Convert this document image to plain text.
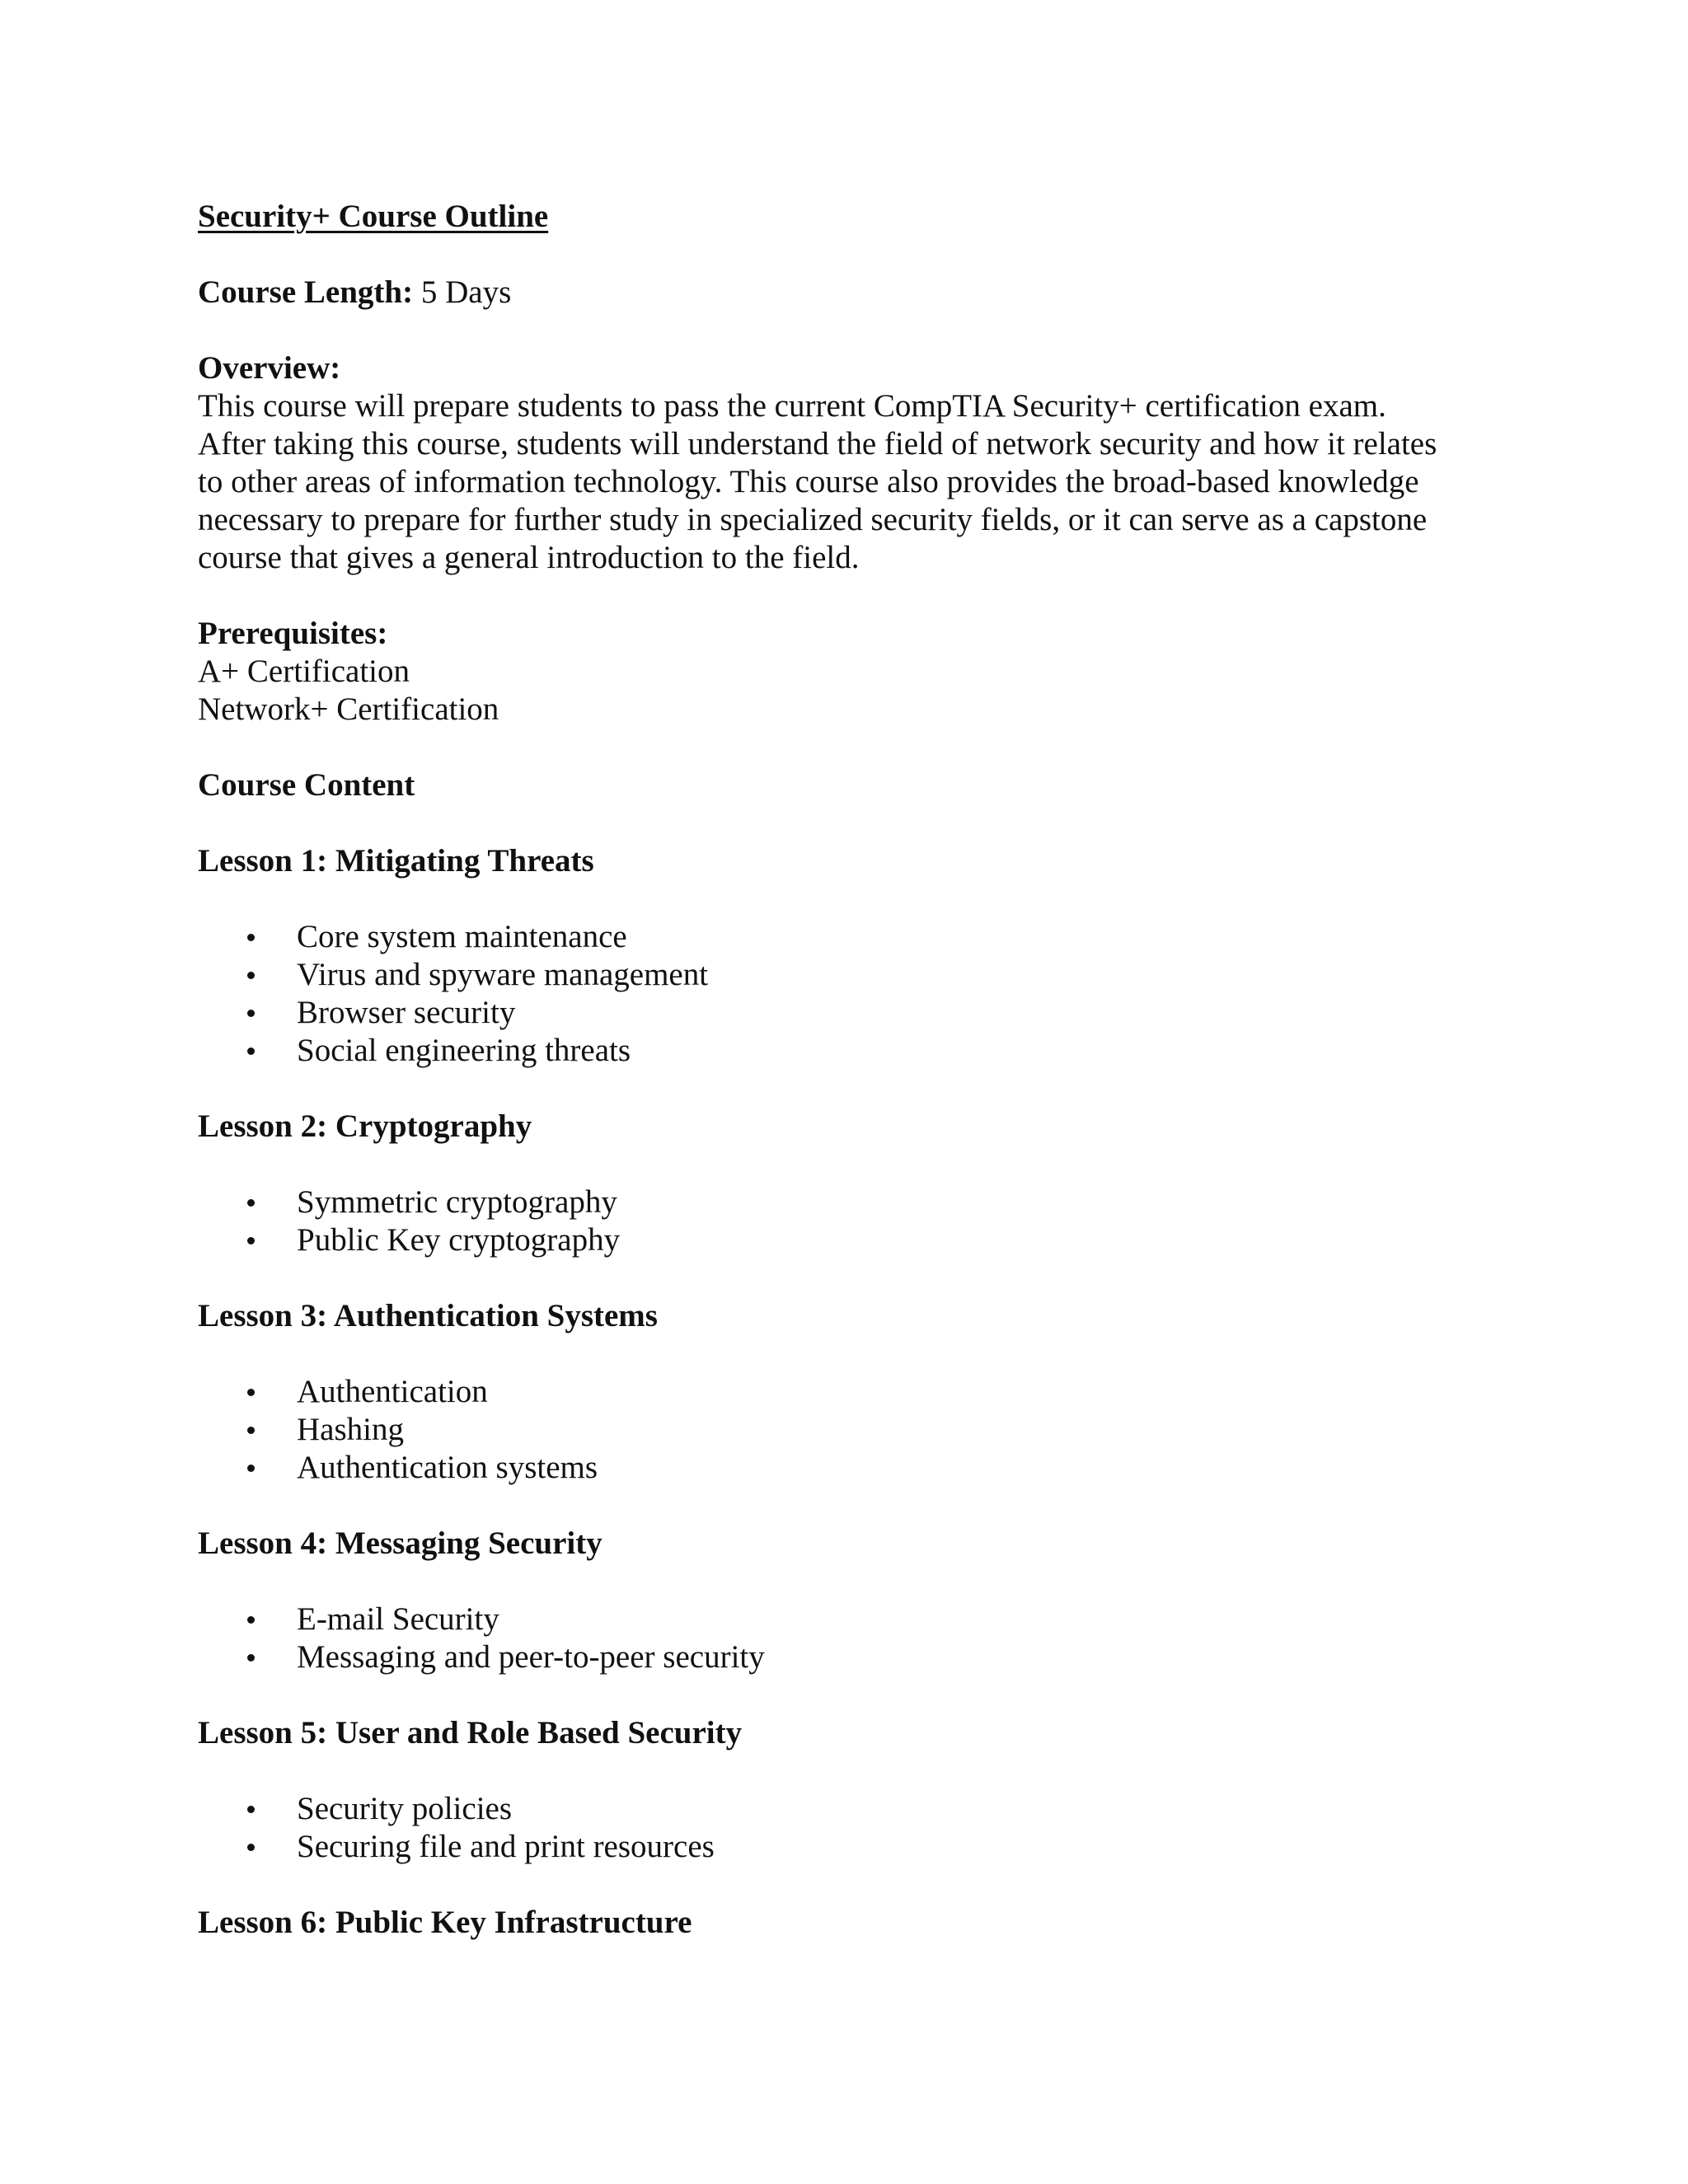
Security+ Course Outline
Course Length: 5 Days
Overview:

This course will prepare students to pass the current CompTIA Security+ certification exam.

After taking this course, students will understand the field of network security and how it relates

to other areas of information technology. This course also provides the broad-based knowledge

necessary to prepare for further study in specialized security fields, or it can serve as a capstone

course that gives a general introduction to the field.

Prerequisites:

A+ Certification

Network+ Certification

Course Content
Lesson 1: Mitigating Threats
Core system maintenance
Virus and spyware management
Browser security
Social engineering threats
Lesson 2: Cryptography
Symmetric cryptography
Public Key cryptography
Lesson 3: Authentication Systems
Authentication
Hashing
Authentication systems
Lesson 4: Messaging Security
E-mail Security
Messaging and peer-to-peer security
Lesson 5: User and Role Based Security
Security policies
Securing file and print resources
Lesson 6: Public Key Infrastructure
